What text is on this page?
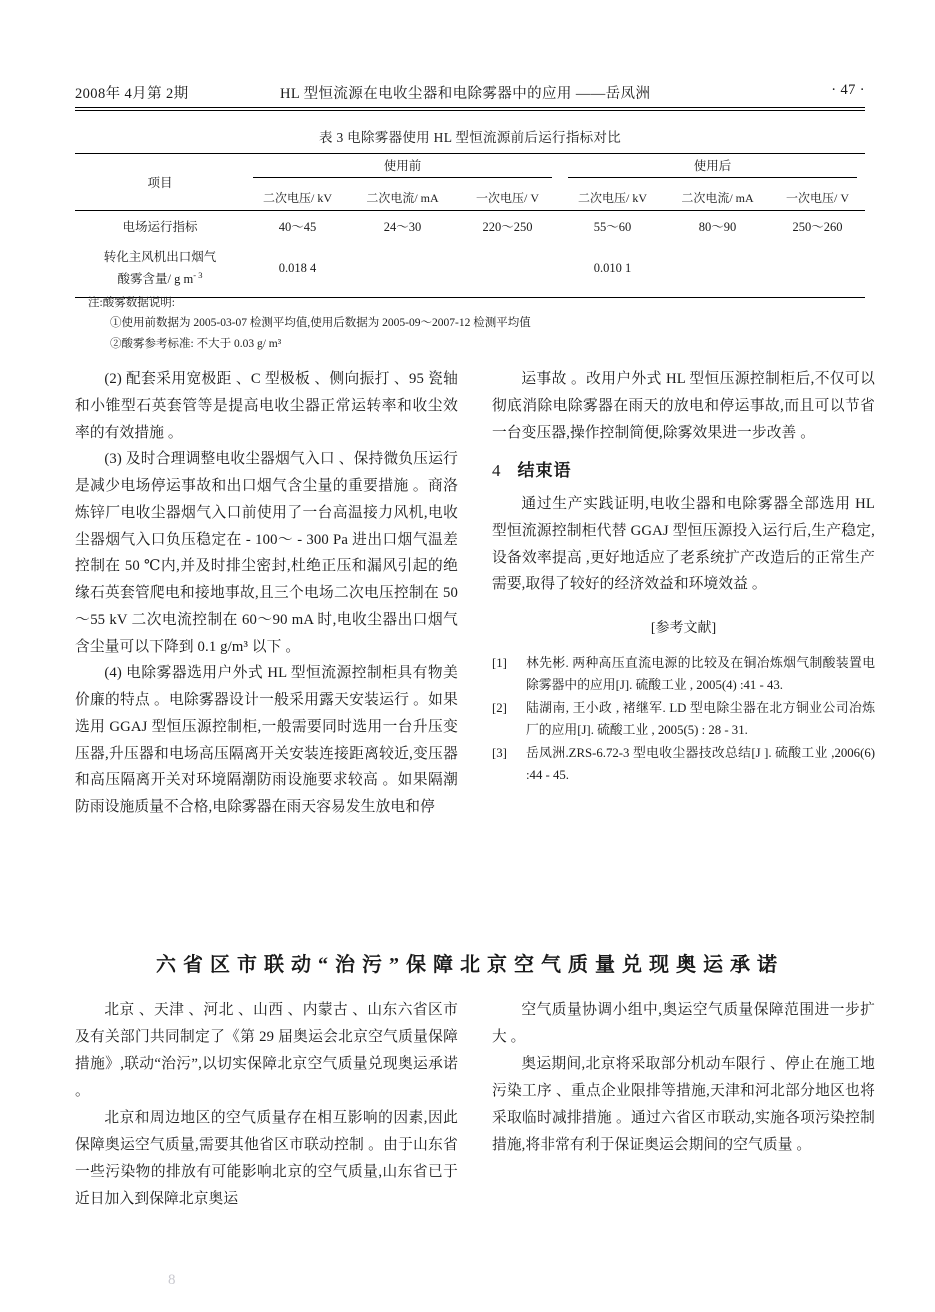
2008年 4月第 2期	HL 型恒流源在电收尘器和电除雾器中的应用 ——岳凤洲	· 47 ·
表 3 电除雾器使用 HL 型恒流源前后运行指标对比
项目	使用前			使用后		

	二次电压/ kV	二次电流/ mA	一次电压/ V	二次电压/ kV	二次电流/ mA	一次电压/ V
电场运行指标	40～45	24～30	220～250	55～60	80～90	250～260

转化主风机出口烟气
酸雾含量/ g $m^{- 3}$	0.018 4			0.010 1		
注:酸雾数据说明:
①使用前数据为 2005-03-07 检测平均值,使用后数据为 2005-09～2007-12 检测平均值
②酸雾参考标准: 不大于 0.03 g/ m³

(2) 配套采用宽极距 、C 型极板 、侧向振打 、95 瓷轴和小锥型石英套管等是提高电收尘器正常运转率和收尘效率的有效措施 。

(3) 及时合理调整电收尘器烟气入口 、保持微负压运行是减少电场停运事故和出口烟气含尘量的重要措施 。商洛炼锌厂电收尘器烟气入口前使用了一台高温接力风机,电收尘器烟气入口负压稳定在 - 100～ - 300 Pa 进出口烟气温差控制在 50 ℃内,并及时排尘密封,杜绝正压和漏风引起的绝缘石英套管爬电和接地事故,且三个电场二次电压控制在 50～55 kV 二次电流控制在 60～90 mA 时,电收尘器出口烟气含尘量可以下降到 0.1 g/m³ 以下 。

(4) 电除雾器选用户外式 HL 型恒流源控制柜具有物美价廉的特点 。电除雾器设计一般采用露天安装运行 。如果选用 GGAJ 型恒压源控制柜,一般需要同时选用一台升压变压器,升压器和电场高压隔离开关安装连接距离较近,变压器和高压隔离开关对环境隔潮防雨设施要求较高 。如果隔潮防雨设施质量不合格,电除雾器在雨天容易发生放电和停

运事故 。改用户外式 HL 型恒压源控制柜后,不仅可以彻底消除电除雾器在雨天的放电和停运事故,而且可以节省一台变压器,操作控制简便,除雾效果进一步改善 。

4 结束语

通过生产实践证明,电收尘器和电除雾器全部选用 HL 型恒流源控制柜代替 GGAJ 型恒压源投入运行后,生产稳定,设备效率提高 ,更好地适应了老系统扩产改造后的正常生产需要,取得了较好的经济效益和环境效益 。

[参考文献]
[1]	林先彬. 两种高压直流电源的比较及在铜冶炼烟气制酸装置电除雾器中的应用[J]. 硫酸工业 , 2005(4) :41 - 43.
[2]	陆湖南, 王小政 , 褚继军. LD 型电除尘器在北方铜业公司冶炼厂的应用[J]. 硫酸工业 , 2005(5) : 28 - 31.
[3]	岳凤洲.ZRS-6.72-3 型电收尘器技改总结[J ]. 硫酸工业 ,2006(6) :44 - 45.
六省区市联动“治污”保障北京空气质量兑现奥运承诺

北京 、天津 、河北 、山西 、内蒙古 、山东六省区市及有关部门共同制定了《第 29 届奥运会北京空气质量保障措施》,联动“治污”,以切实保障北京空气质量兑现奥运承诺 。

北京和周边地区的空气质量存在相互影响的因素,因此保障奥运空气质量,需要其他省区市联动控制 。由于山东省一些污染物的排放有可能影响北京的空气质量,山东省已于近日加入到保障北京奥运

空气质量协调小组中,奥运空气质量保障范围进一步扩大 。

奥运期间,北京将采取部分机动车限行 、停止在施工地污染工序 、重点企业限排等措施,天津和河北部分地区也将采取临时减排措施 。通过六省区市联动,实施各项污染控制措施,将非常有利于保证奥运会期间的空气质量 。

8
